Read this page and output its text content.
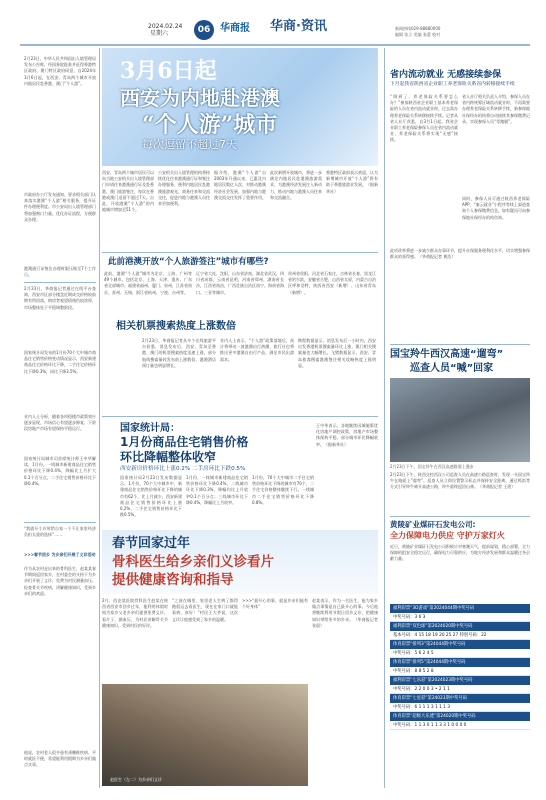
2024.02.24
星期六	06 华商报 华商·资讯	新闻热线029-88880000
编辑 张立 美编 张蕾 校对
2月23日，中华人民共和国出入境管理局发布公告称，经国务院批准并征得香港特区政府、澳门特区政府同意，自2024年3月6日起，在西安、青岛两个城市开放内地居民赴香港、澳门“个人游”。
市政府办公厅发布通知，要求相关部门认真落实港澳“个人游”相关服务，提升证件办理便利度。市公安局出入境管理部门将加强窗口力量，优化办证流程，方便群众办理。
港澳通行证签注办理时限压缩至7个工作日。
2月23日，华商报记者通过在线平台查询，西安市区部分楼盘近期成交价格较前期有所回落，购房者观望情绪仍较浓厚，市场整体处于平稳调整阶段。
国家统计局发布的1月份70个大中城市商品住宅销售价格变动情况显示，西安新建商品住宅价格环比下降，二手住宅价格环比下降0.3%，同比下降3.5%。
业内人士分析，随着各项稳楼市政策效应逐步显现，市场信心有望逐步修复，下阶段房地产市场有望保持平稳运行。
国家统计局城市司首席统计师王中华解读，1月份，一线城市新建商品住宅销售价格环比下降0.4%，降幅比上月扩大0.1个百分点，二手住宅销售价格环比下降0.4%。
“我就开个诊所给自家一个不让家里经济负担太重的选择”……
>>>春节回乡 为乡亲们开展了义诊活动
作为从农村走出来的骨科医生，赵某某春节期间返回家乡，在村委会的支持下为乡亲们开展了义诊，免费为村民测量血压、检查骨关节疾病，讲解健康知识，受到乡亲们的欢迎。
他说，农村老人很多患有颈腰椎疾病，平时就医不便，希望能利用假期为乡亲们做点实事。
3月6日起
西安为内地赴港澳
“个人游”城市
每次逗留不超过7天
西安、青岛两个城市居民可以向当地公安机关出入境管理部门申请往来港澳通行证及赴香港、澳门旅游签注，每次在香港或澳门逗留不超过7天。自此，开放港澳“个人游”的内地城市增加至51个。
公安机关出入境管理机构将持续优化往来港澳通行证和签注办理服务，便利内地居民赴港澳旅游观光、商务往来和交流交往，促进内地与港澳人员往来更加便利。
据介绍，港澳“个人游”自2003年开通以来，已惠及内地居民数亿人次，对推动港澳经济社会发展、加强内地与港澳交流交往发挥了重要作用。
此次新增开放城市，将进一步满足内地居民赴港澳旅游需求，为港澳经济发展注入新动力，推动内地与港澳人员往来和交流融合。
香港特区政府表示欢迎，认为新增城市开放“个人游”将有助于香港旅游业发展。（据新华社）
此前港澳开放“个人旅游签注”城市有哪些?
此前，港澳“个人游”城市为北京、上海、广州等49个城市。包括北京、上海、天津、重庆、广东省全部城市、福建省福州、厦门、泉州，江苏省南京、苏州、无锡，浙江省杭州、宁波、台州等。
辽宁省大连、沈阳，山东省济南，湖北省武汉，四川省成都，云南省昆明，河南省郑州，湖南省长沙，江西省南昌，广西壮族自治区南宁、海南省海口、三亚等城市。
贵州省贵阳，河北省石家庄，吉林省长春，黑龙江省哈尔滨，安徽省合肥，山西省太原，内蒙古自治区呼和浩特，陕西省西安（新增）、山东省青岛（新增）。
相关机票搜索热度上涨数倍
2月23日，华商报记者从多个在线旅游平台获悉，消息发布后，西安、青岛至香港、澳门的机票搜索热度迅速上涨，部分航线搜索量较发布前上涨数倍，港澳酒店预订量也明显增长。
业内人士表示，“个人游”政策落地后，预计将带动一波港澳出行热潮，旅行社也将推出更多港澳自由行产品，满足市民出游需求。
携程数据显示，消息发布后一小时内，西安出发香港机票搜索量环比上涨，澳门相关搜索量也大幅增长。飞猪数据显示，西安、青岛旅客搜索港澳签注相关攻略热度上涨明显。
国家统计局：
1月份商品住宅销售价格
环比降幅整体收窄
西安新房价格环比上涨0.2% 二手房环比下跌0.5%
国家统计局2月23日发布数据显示，1月份，70个大中城市中，新建商品住宅销售价格环比下降的城市有62个，比上月减少。西安新建商品住宅销售价格环比上涨0.2%，二手住宅销售价格环比下跌0.5%。
1月份，一线城市新建商品住宅销售价格环比下降0.4%，二线城市环比下降0.3%，降幅均比上月收窄0.1个百分点；三线城市环比下降0.4%，降幅比上月收窄。
1月份，70个大中城市二手住宅销售价格环比下降的城市有70个，二手住宅价格整体继续下行。一线城市二手住宅销售价格环比下降0.8%。
王中华表示，各地继续因城施策优化房地产调控政策，房地产市场整体保持平稳，部分城市环比降幅收窄。（据新华社）
春节回家过年
骨科医生给乡亲们义诊看片
提供健康咨询和指导
2月，西安某医院骨科医生赵某在陕西省西安市回乡过年，他利用休假时间为家乡父老乡亲们提供免费义诊，看片子、测血压，为村民讲解骨关节健康知识，受到村民的好评。
“之前在城里，家里老人生病了都得跑很远去看医生，现在在家门口就能看病，真好！”村民王大爷说，这次义诊让他感受到了家乡的温暖。
>>>“最开心的事，就是乡亲们能有个好身体”
赵某表示，作为一名医生，能为家乡做点事情是自己最开心的事。今后他将继续利用节假日回乡义诊，把健康知识带给更多的乡亲。（华商报记者 张晨）
赵医生（左二）为乡亲们义诊
省内流动就业 无感接续参保
下月起我省陕西省企业职工养老保险关系省内转移接续手续
“调到了，养老保险关系要怎么办？”参加陕西省企业职工基本养老保险的人员在省内流动就业时，过去需办理养老保险关系转移接续手续。记者从省人社厅获悉，自3月1日起，我省企业职工养老保险参保人员在省内流动就业，养老保险关系将实现“无感”接续。
省人社厅相关负责人介绍，参保人员在省内跨统筹区域流动就业时，不再需要办理养老保险关系转移手续，新参保地社保经办机构将自动接续其参保缴费记录，实现参保人员“零跑腿”。
同时，参保人员可通过陕西养老保险APP、“秦云就业”小程序等线上渠道查询个人参保缴费信息，如有疑问可向参保地社保经办机构咨询。
此项改革将进一步减少群众办事环节，提升社保服务便利化水平，切实增强参保群众的获得感。（华商报记者 黄浩）
国宝羚牛西汉高速“遛弯”
巡查人员“喊”回家
2月23日下午，国宝羚牛在西汉高速路面上漫步
2月23日下午，陕西交控西汉公司巡查人员在高速公路巡查时，发现一头国宝羚牛在路面上“遛弯”。巡查人员立即设置警示标志并保持安全距离，通过鸣笛等方式引导羚牛离开高速公路，羚牛最终返回山林。（华商报记者 王煜）
黄陵矿业煤矸石发电公司:
全力保障电力供应 守护万家灯火
近日，黄陵矿业煤矸石发电公司积极应对寒潮天气，提前谋划，精心部署，全力保障机组安全稳定运行，确保电力可靠供应，为地方经济发展和群众温暖过冬贡献力量。
福利彩票“3D游戏”第2024044期中奖号码
中奖号码：3 6 3
福利彩票“双色球”第2024020期中奖号码
基本号码：4 15 18 19 20 25 27 特别号码：22
体育彩票“排列3”第24044期中奖号码
中奖号码：5 6 2 4 5
体育彩票“排列5”第24044期中奖号码
中奖号码：8 8 5 2 8
福利彩票“七乐彩”第2024023期中奖号码
中奖号码：2 2 0 0 3 • 2 1 1
体育彩票“七星彩”第24023期中奖号码
中奖号码：6 1 1 1 3 1 1 1 3
体育彩票“超级大乐透”第24020期中奖号码
中奖号码：1 1 3 0 1 1 3 3 1 0 0 0 0
